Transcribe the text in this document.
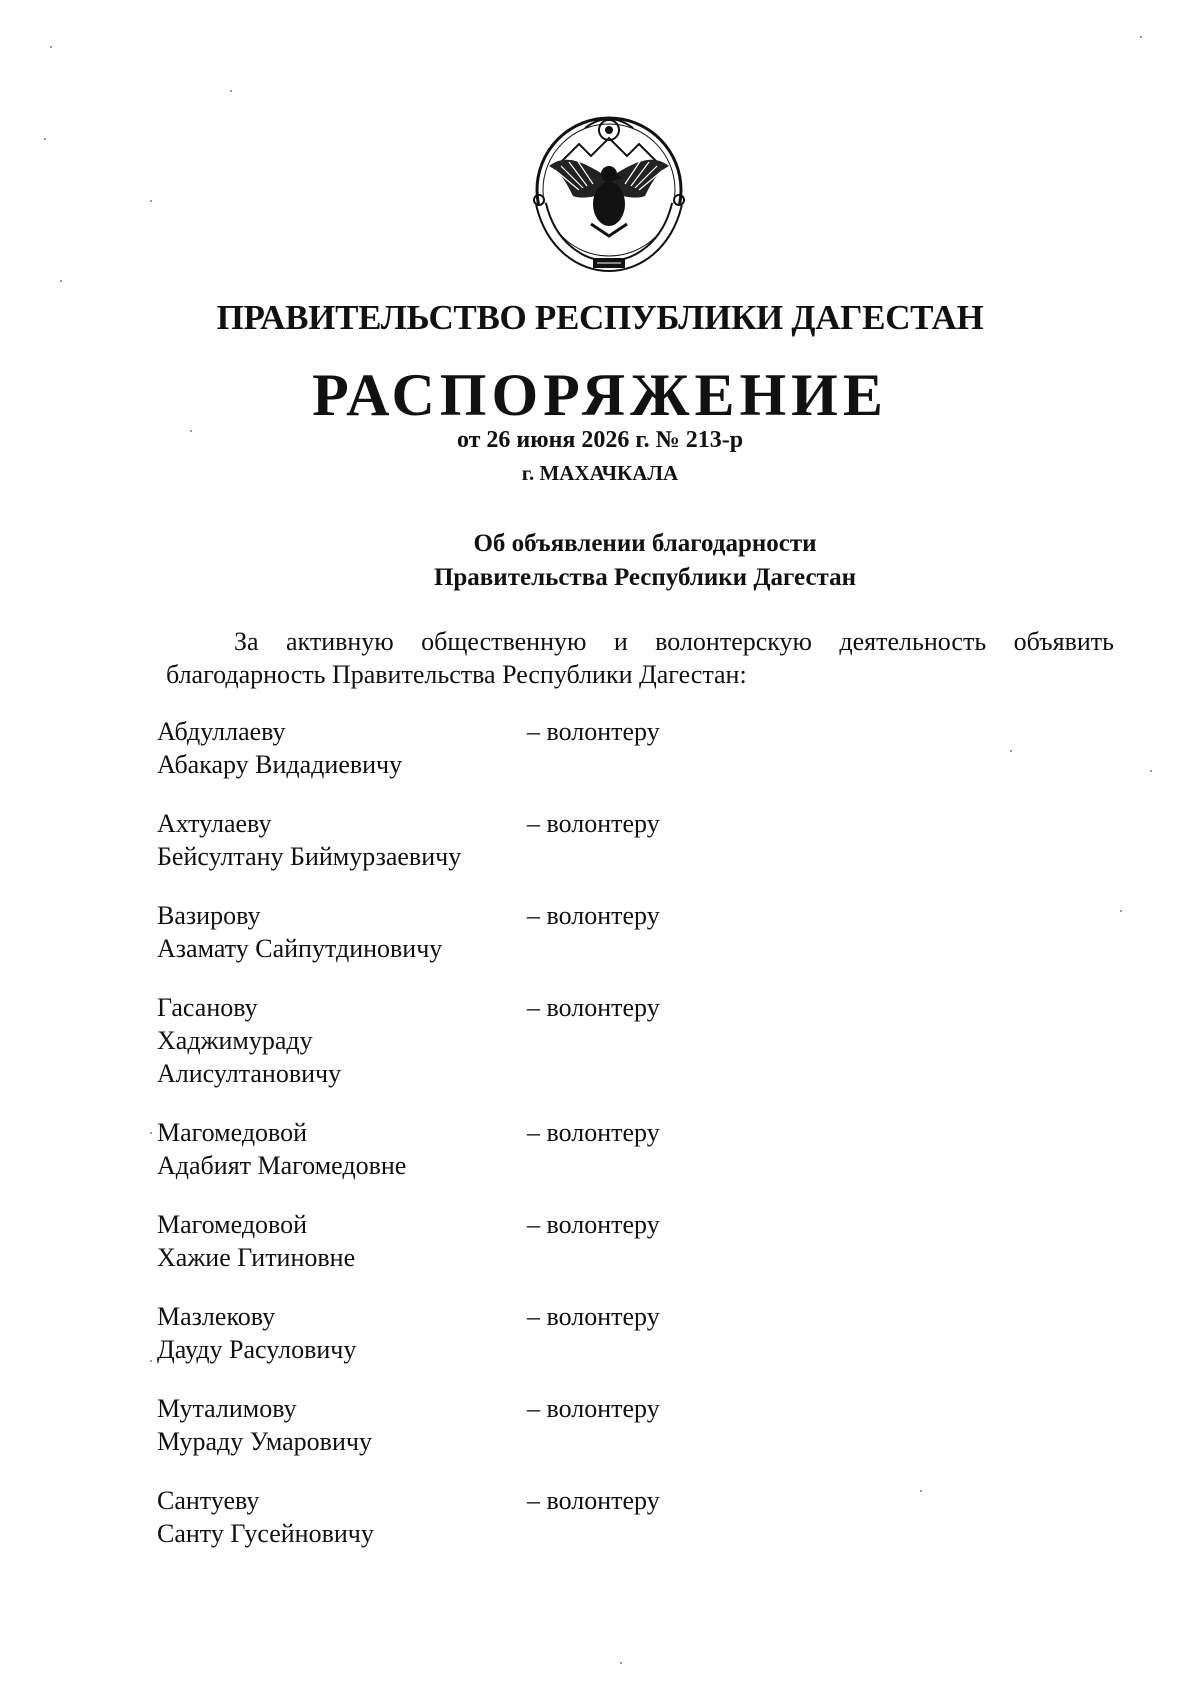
ПРАВИТЕЛЬСТВО РЕСПУБЛИКИ ДАГЕСТАН
РАСПОРЯЖЕНИЕ
от 26 июня 2026 г. № 213-р
г. МАХАЧКАЛА
Об объявлении благодарности
Правительства Республики Дагестан
За активную общественную и волонтерскую деятельность объявить
благодарность Правительства Республики Дагестан:
Абдуллаеву
Абакару Видадиевичу
– волонтеру
Ахтулаеву
Бейсултану Биймурзаевичу
– волонтеру
Вазирову
Азамату Сайпутдиновичу
– волонтеру
Гасанову
Хаджимураду
Алисултановичу
– волонтеру
Магомедовой
Адабият Магомедовне
– волонтеру
Магомедовой
Хажие Гитиновне
– волонтеру
Мазлекову
Дауду Расуловичу
– волонтеру
Муталимову
Мураду Умаровичу
– волонтеру
Сантуеву
Санту Гусейновичу
– волонтеру
